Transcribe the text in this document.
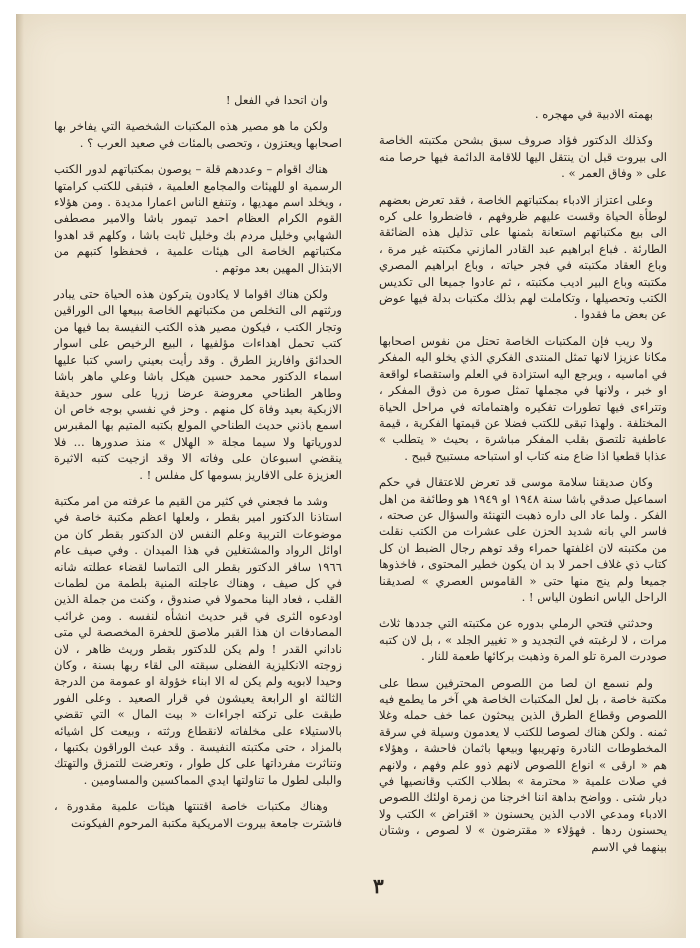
بهمته الادبية في مهجره .

وكذلك الدكتور فؤاد صروف سبق بشحن مكتبته الخاصة الى بيروت قبل ان ينتقل اليها للاقامة الدائمة فيها حرصا منه على « وفاق العمر » .

وعلى اعتزاز الادباء بمكتباتهم الخاصة ، فقد تعرض بعضهم لوطأة الحياة وقست عليهم ظروفهم ، فاضطروا على كره الى بيع مكتباتهم استعانة بثمنها على تذليل هذه الضائقة الطارئة . فباع ابراهيم عبد القادر المازني مكتبته غير مرة ، وباع العقاد مكتبته في فجر حياته ، وباع ابراهيم المصري مكتبته وباع البير اديب مكتبته ، ثم عادوا جميعا الى تكديس الكتب وتحصيلها ، وتكاملت لهم بذلك مكتبات بدلة فيها عوض عن بعض ما فقدوا .

ولا ريب فإن المكتبات الخاصة تحتل من نفوس اصحابها مكانا عزيزا لانها تمثل المنتدى الفكري الذي يخلو اليه المفكر في اماسيه ، ويرجع اليه استزادة في العلم واستقصاء لواقعة او خبر ، ولانها في مجملها تمثل صورة من ذوق المفكر ، وتتراءى فيها تطورات تفكيره واهتماماته في مراحل الحياة المختلفة . ولهذا تبقى للكتب فضلا عن قيمتها الفكرية ، قيمة عاطفية تلتصق بقلب المفكر مباشرة ، بحيث « يتطلب » عذابا قطعيا اذا ضاع منه كتاب او استباحه مستبيح قبيح .

وكان صديقنا سلامة موسى قد تعرض للاعتقال في حكم اسماعيل صدقي باشا سنة ١٩٤٨ او ١٩٤٩ هو وطائفة من اهل الفكر . ولما عاد الى داره ذهبت التهنئة والسؤال عن صحته ، فاسر الي بانه شديد الحزن على عشرات من الكتب نقلت من مكتبته لان اغلفتها حمراء وقد توهم رجال الضبط ان كل كتاب ذي غلاف احمر لا بد ان يكون خطير المحتوى ، فاخذوها جميعا ولم ينج منها حتى « القاموس العصري » لصديقنا الراحل الياس انطون الياس ! .

وحدثني فتحي الرملي بدوره عن مكتبته التي جددها ثلاث مرات ، لا لرغبته في التجديد و « تغيير الجلد » ، بل لان كتبه صودرت المرة تلو المرة وذهبت بركائها طعمة للنار .

ولم نسمع ان لصا من اللصوص المحترفين سطا على مكتبة خاصة ، بل لعل المكتبات الخاصة هي آخر ما يطمع فيه اللصوص وقطاع الطرق الذين يبحثون عما خف حمله وغلا ثمنه . ولكن هناك لصوصا للكتب لا يعدمون وسيلة في سرقة المخطوطات النادرة وتهريبها وبيعها باثمان فاحشة ، وهؤلاء هم « ارقى » انواع اللصوص لانهم ذوو علم وفهم ، ولانهم في صلات علمية « محترمة » بطلاب الكتب وقانصيها في ديار شتى . وواضح بداهة اننا اخرجنا من زمرة اولئك اللصوص الادباء ومدعي الادب الذين يحسنون « اقتراض » الكتب ولا يحسنون ردها . فهؤلاء « مقترضون » لا لصوص ، وشتان بينهما في الاسم

وان اتحدا في الفعل !

ولكن ما هو مصير هذه المكتبات الشخصية التي يفاخر بها اصحابها ويعتزون ، وتحصى بالمئات في صعيد العرب ؟ .

هناك اقوام – وعددهم قلة – يوصون بمكتباتهم لدور الكتب الرسمية او للهيئات والمجامع العلمية ، فتبقى للكتب كرامتها ، ويخلد اسم مهديها ، وتنفع الناس اعمارا مديدة . ومن هؤلاء القوم الكرام العظام احمد تيمور باشا والامير مصطفى الشهابي وخليل مردم بك وخليل ثابت باشا ، وكلهم قد اهدوا مكتباتهم الخاصة الى هيئات علمية ، فحفظوا كتبهم من الابتذال المهين بعد موتهم .

ولكن هناك اقواما لا يكادون يتركون هذه الحياة حتى يبادر ورثتهم الى التخلص من مكتباتهم الخاصة ببيعها الى الوراقين وتجار الكتب ، فيكون مصير هذه الكتب النفيسة بما فيها من كتب تحمل اهداءات مؤلفيها ، البيع الرخيص على اسوار الحدائق وافاريز الطرق . وقد رأيت بعيني راسي كتبا عليها اسماء الدكتور محمد حسين هيكل باشا وعلي ماهر باشا وطاهر الطناحي معروضة عرضا زريا على سور حديقة الازبكية بعيد وفاة كل منهم . وحز في نفسي بوجه خاص ان اسمع باذني حديث الطناحي المولع بكتبه المتيم بها المقبرس لدورياتها ولا سيما مجلة « الهلال » منذ صدورها ... فلا ينقضي اسبوعان على وفاته الا وقد ازجيت كتبه الاثيرة العزيزة على الافاريز بسومها كل مفلس ! .

وشد ما فجعني في كثير من القيم ما عرفته من امر مكتبة استاذنا الدكتور امير بقطر ، ولعلها اعظم مكتبة خاصة في موضوعات التربية وعلم النفس لان الدكتور بقطر كان من اوائل الرواد والمشتغلين في هذا الميدان . وفي صيف عام ١٩٦٦ سافر الدكتور بقطر الى التماسا لقضاء عطلته شانه في كل صيف ، وهناك عاجلته المنية بلطمة من لطمات القلب ، فعاد الينا محمولا في صندوق ، وكنت من جملة الذين اودعوه الثرى في قبر حديث انشأه لنفسه . ومن غرائب المصادفات ان هذا القبر ملاصق للحفرة المخصصة لي متى ناداني القدر ! ولم يكن للدكتور بقطر وريث ظاهر ، لان زوجته الانكليزية الفضلى سبقته الى لقاء ربها بسنة ، وكان وحيدا لابويه ولم يكن له الا ابناء خؤولة او عمومة من الدرجة الثالثة او الرابعة يعيشون في قرار الصعيد . وعلى الفور طبقت على تركته اجراءات « بيت المال » التي تقضي بالاستيلاء على مخلفاته لانقطاع ورثته ، وبيعت كل اشيائه بالمزاد ، حتى مكتبته النفيسة . وقد عبث الوراقون بكتبها ، وتناثرت مفرداتها على كل طوار ، وتعرضت للتمزق والتهتك والبلى لطول ما تناولتها ايدي المماكسين والمساومين .

وهناك مكتبات خاصة اقتنتها هيئات علمية مقدورة ، فاشترت جامعة بيروت الامريكية مكتبة المرحوم الفيكونت

٣
